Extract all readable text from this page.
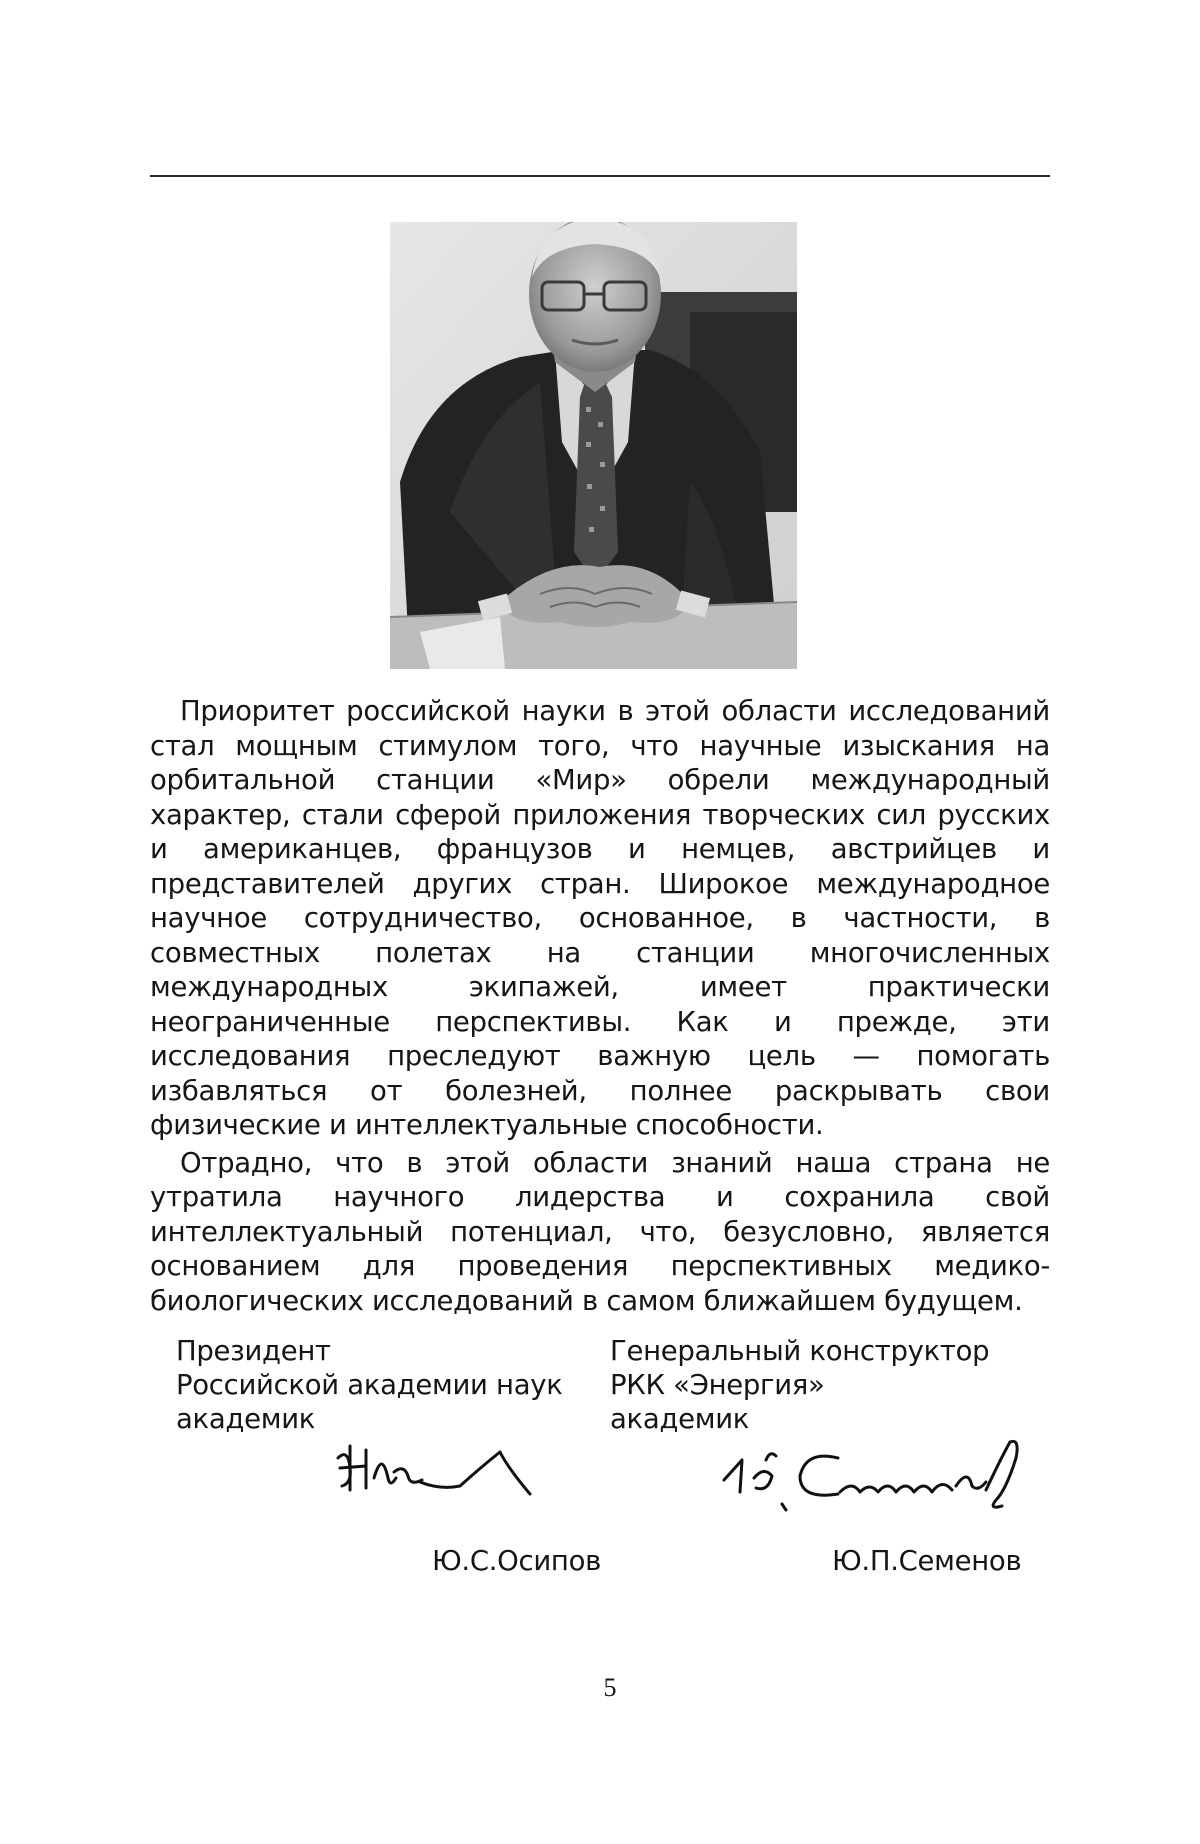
Приоритет российской науки в этой области исследований стал мощным стимулом того, что научные изыскания на орбитальной станции «Мир» обрели международный характер, стали сферой приложения творческих сил русских и американцев, французов и немцев, австрийцев и представителей других стран. Широкое международное научное сотрудничество, основанное, в частности, в совместных полетах на станции многочисленных международных экипажей, имеет практически неограниченные перспективы. Как и прежде, эти исследования преследуют важную цель — помогать избавляться от болезней, полнее раскрывать свои физические и интеллектуальные способности.

Отрадно, что в этой области знаний наша страна не утратила научного лидерства и сохранила свой интеллектуальный потенциал, что, безусловно, является основанием для проведения перспективных медико-биологических исследований в самом ближайшем будущем.

Президент
Российской академии наук
академик
Генеральный конструктор
РКК «Энергия»
академик
Ю.С.Осипов	Ю.П.Семенов
5
